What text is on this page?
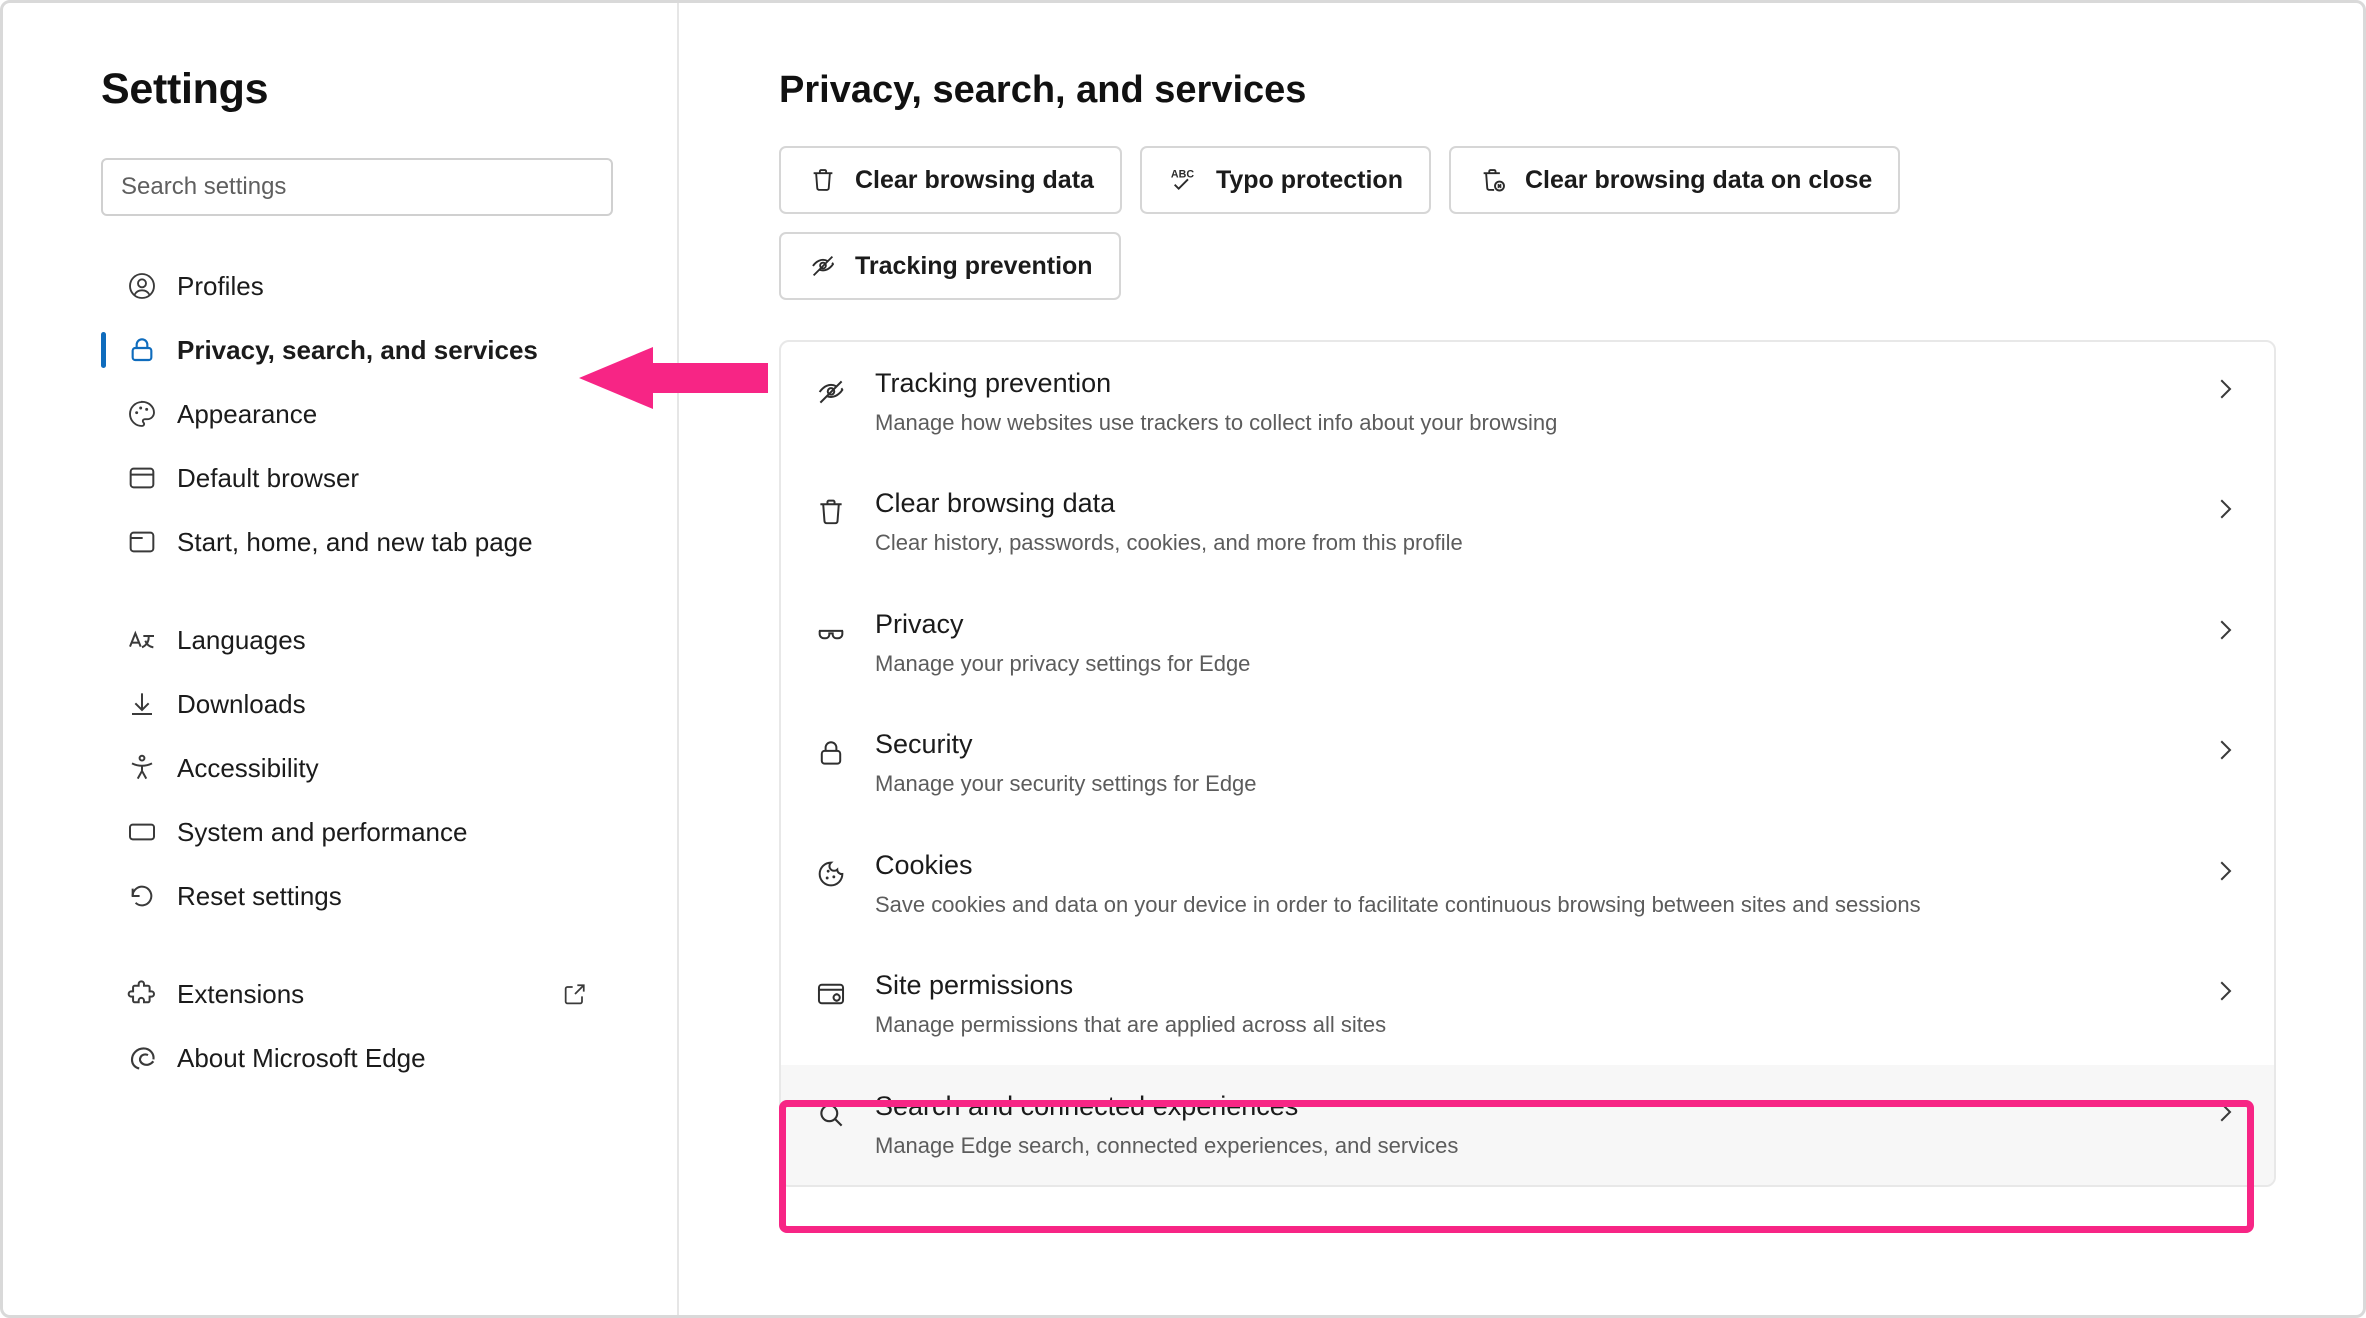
Settings
Search settings
Profiles
Privacy, search, and services
Appearance
Default browser
Start, home, and new tab page
Languages
Downloads
Accessibility
System and performance
Reset settings
Extensions
About Microsoft Edge
Privacy, search, and services
Clear browsing data	ABC Typo protection	Clear browsing data on close
Tracking prevention
Tracking prevention
Manage how websites use trackers to collect info about your browsing
Clear browsing data
Clear history, passwords, cookies, and more from this profile
Privacy
Manage your privacy settings for Edge
Security
Manage your security settings for Edge
Cookies
Save cookies and data on your device in order to facilitate continuous browsing between sites and sessions
Site permissions
Manage permissions that are applied across all sites
Search and connected experiences
Manage Edge search, connected experiences, and services
